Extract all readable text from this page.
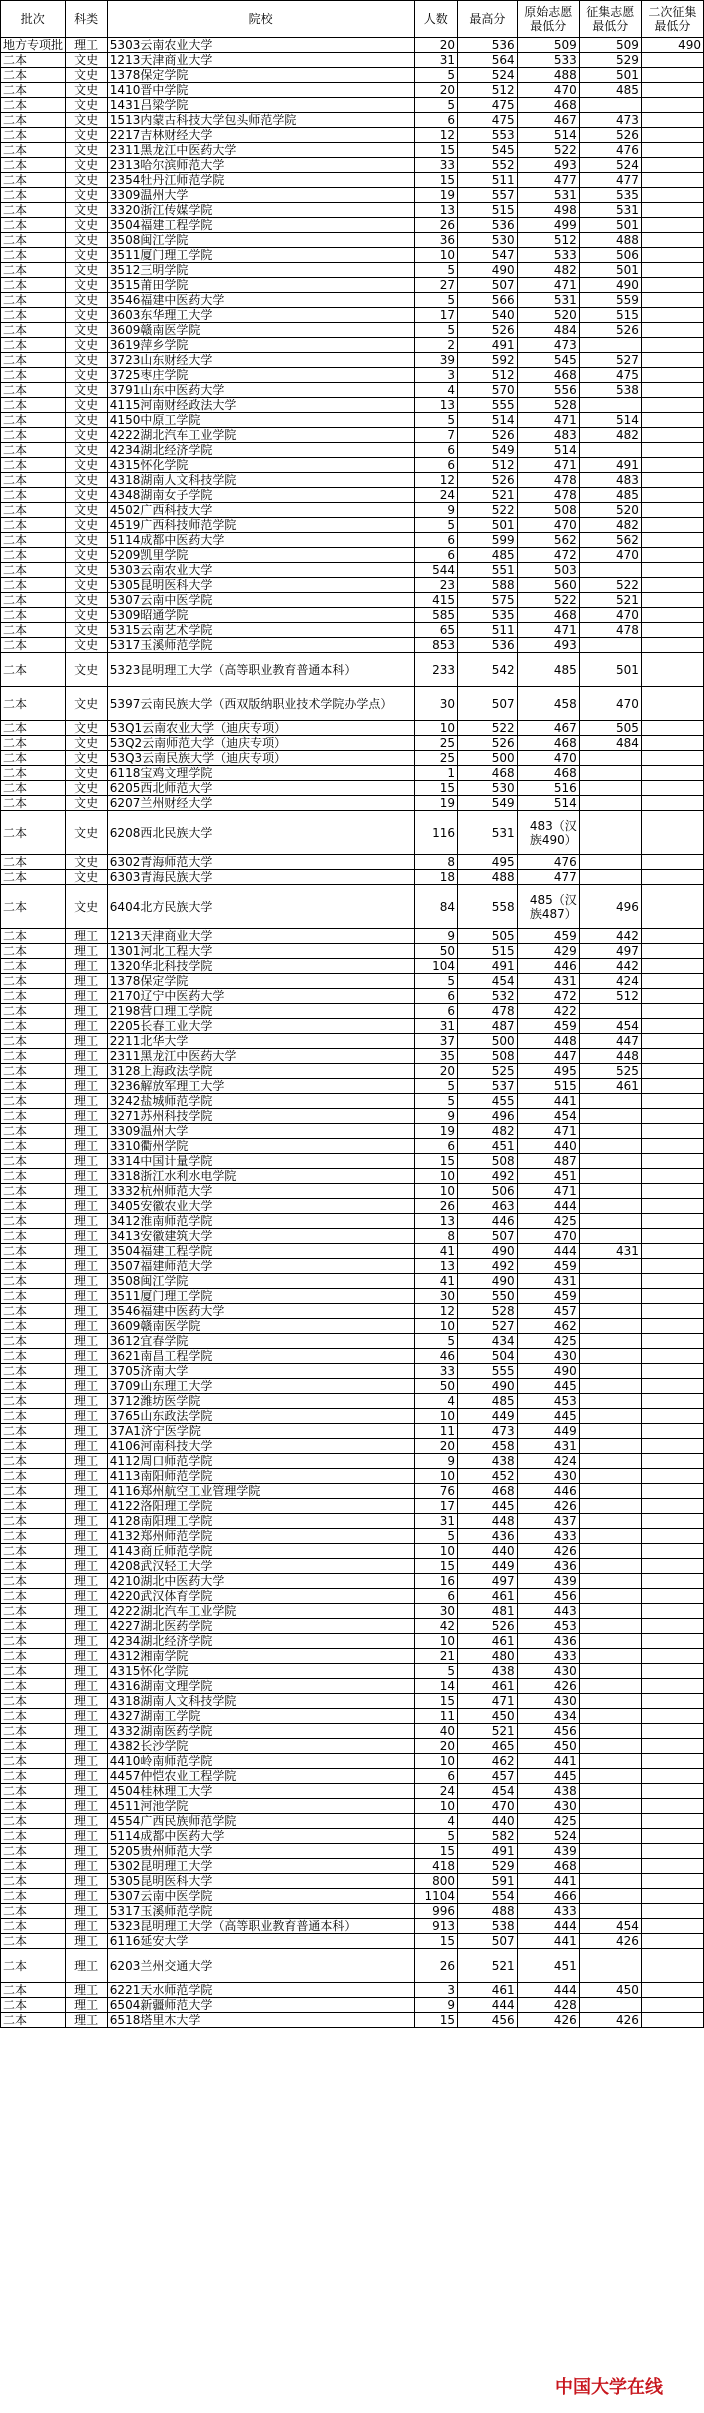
批次	科类	院校	人数	最高分	原始志愿最低分	征集志愿最低分	二次征集最低分
地方专项批	理工	5303云南农业大学	20	536	509	509	490
二本	文史	1213天津商业大学	31	564	533	529	
二本	文史	1378保定学院	5	524	488	501	
二本	文史	1410晋中学院	20	512	470	485	
二本	文史	1431吕梁学院	5	475	468		
二本	文史	1513内蒙古科技大学包头师范学院	6	475	467	473	
二本	文史	2217吉林财经大学	12	553	514	526	
二本	文史	2311黑龙江中医药大学	15	545	522	476	
二本	文史	2313哈尔滨师范大学	33	552	493	524	
二本	文史	2354牡丹江师范学院	15	511	477	477	
二本	文史	3309温州大学	19	557	531	535	
二本	文史	3320浙江传媒学院	13	515	498	531	
二本	文史	3504福建工程学院	26	536	499	501	
二本	文史	3508闽江学院	36	530	512	488	
二本	文史	3511厦门理工学院	10	547	533	506	
二本	文史	3512三明学院	5	490	482	501	
二本	文史	3515莆田学院	27	507	471	490	
二本	文史	3546福建中医药大学	5	566	531	559	
二本	文史	3603东华理工大学	17	540	520	515	
二本	文史	3609赣南医学院	5	526	484	526	
二本	文史	3619萍乡学院	2	491	473		
二本	文史	3723山东财经大学	39	592	545	527	
二本	文史	3725枣庄学院	3	512	468	475	
二本	文史	3791山东中医药大学	4	570	556	538	
二本	文史	4115河南财经政法大学	13	555	528		
二本	文史	4150中原工学院	5	514	471	514	
二本	文史	4222湖北汽车工业学院	7	526	483	482	
二本	文史	4234湖北经济学院	6	549	514		
二本	文史	4315怀化学院	6	512	471	491	
二本	文史	4318湖南人文科技学院	12	526	478	483	
二本	文史	4348湖南女子学院	24	521	478	485	
二本	文史	4502广西科技大学	9	522	508	520	
二本	文史	4519广西科技师范学院	5	501	470	482	
二本	文史	5114成都中医药大学	6	599	562	562	
二本	文史	5209凯里学院	6	485	472	470	
二本	文史	5303云南农业大学	544	551	503		
二本	文史	5305昆明医科大学	23	588	560	522	
二本	文史	5307云南中医学院	415	575	522	521	
二本	文史	5309昭通学院	585	535	468	470	
二本	文史	5315云南艺术学院	65	511	471	478	
二本	文史	5317玉溪师范学院	853	536	493		
二本	文史	5323昆明理工大学（高等职业教育普通本科）	233	542	485	501	
二本	文史	5397云南民族大学（西双版纳职业技术学院办学点）	30	507	458	470	
二本	文史	53Q1云南农业大学（迪庆专项）	10	522	467	505	
二本	文史	53Q2云南师范大学（迪庆专项）	25	526	468	484	
二本	文史	53Q3云南民族大学（迪庆专项）	25	500	470		
二本	文史	6118宝鸡文理学院	1	468	468		
二本	文史	6205西北师范大学	15	530	516		
二本	文史	6207兰州财经大学	19	549	514		
二本	文史	6208西北民族大学	116	531	483（汉族490）		
二本	文史	6302青海师范大学	8	495	476		
二本	文史	6303青海民族大学	18	488	477		
二本	文史	6404北方民族大学	84	558	485（汉族487）	496	
二本	理工	1213天津商业大学	9	505	459	442	
二本	理工	1301河北工程大学	50	515	429	497	
二本	理工	1320华北科技学院	104	491	446	442	
二本	理工	1378保定学院	5	454	431	424	
二本	理工	2170辽宁中医药大学	6	532	472	512	
二本	理工	2198营口理工学院	6	478	422		
二本	理工	2205长春工业大学	31	487	459	454	
二本	理工	2211北华大学	37	500	448	447	
二本	理工	2311黑龙江中医药大学	35	508	447	448	
二本	理工	3128上海政法学院	20	525	495	525	
二本	理工	3236解放军理工大学	5	537	515	461	
二本	理工	3242盐城师范学院	5	455	441		
二本	理工	3271苏州科技学院	9	496	454		
二本	理工	3309温州大学	19	482	471		
二本	理工	3310衢州学院	6	451	440		
二本	理工	3314中国计量学院	15	508	487		
二本	理工	3318浙江水利水电学院	10	492	451		
二本	理工	3332杭州师范大学	10	506	471		
二本	理工	3405安徽农业大学	26	463	444		
二本	理工	3412淮南师范学院	13	446	425		
二本	理工	3413安徽建筑大学	8	507	470		
二本	理工	3504福建工程学院	41	490	444	431	
二本	理工	3507福建师范大学	13	492	459		
二本	理工	3508闽江学院	41	490	431		
二本	理工	3511厦门理工学院	30	550	459		
二本	理工	3546福建中医药大学	12	528	457		
二本	理工	3609赣南医学院	10	527	462		
二本	理工	3612宜春学院	5	434	425		
二本	理工	3621南昌工程学院	46	504	430		
二本	理工	3705济南大学	33	555	490		
二本	理工	3709山东理工大学	50	490	445		
二本	理工	3712潍坊医学院	4	485	453		
二本	理工	3765山东政法学院	10	449	445		
二本	理工	37A1济宁医学院	11	473	449		
二本	理工	4106河南科技大学	20	458	431		
二本	理工	4112周口师范学院	9	438	424		
二本	理工	4113南阳师范学院	10	452	430		
二本	理工	4116郑州航空工业管理学院	76	468	446		
二本	理工	4122洛阳理工学院	17	445	426		
二本	理工	4128南阳理工学院	31	448	437		
二本	理工	4132郑州师范学院	5	436	433		
二本	理工	4143商丘师范学院	10	440	426		
二本	理工	4208武汉轻工大学	15	449	436		
二本	理工	4210湖北中医药大学	16	497	439		
二本	理工	4220武汉体育学院	6	461	456		
二本	理工	4222湖北汽车工业学院	30	481	443		
二本	理工	4227湖北医药学院	42	526	453		
二本	理工	4234湖北经济学院	10	461	436		
二本	理工	4312湘南学院	21	480	433		
二本	理工	4315怀化学院	5	438	430		
二本	理工	4316湖南文理学院	14	461	426		
二本	理工	4318湖南人文科技学院	15	471	430		
二本	理工	4327湖南工学院	11	450	434		
二本	理工	4332湖南医药学院	40	521	456		
二本	理工	4382长沙学院	20	465	450		
二本	理工	4410岭南师范学院	10	462	441		
二本	理工	4457仲恺农业工程学院	6	457	445		
二本	理工	4504桂林理工大学	24	454	438		
二本	理工	4511河池学院	10	470	430		
二本	理工	4554广西民族师范学院	4	440	425		
二本	理工	5114成都中医药大学	5	582	524		
二本	理工	5205贵州师范大学	15	491	439		
二本	理工	5302昆明理工大学	418	529	468		
二本	理工	5305昆明医科大学	800	591	441		
二本	理工	5307云南中医学院	1104	554	466		
二本	理工	5317玉溪师范学院	996	488	433		
二本	理工	5323昆明理工大学（高等职业教育普通本科）	913	538	444	454	
二本	理工	6116延安大学	15	507	441	426	
二本	理工	6203兰州交通大学	26	521	451		
二本	理工	6221天水师范学院	3	461	444	450	
二本	理工	6504新疆师范大学	9	444	428		
二本	理工	6518塔里木大学	15	456	426	426	
中国大学在线
